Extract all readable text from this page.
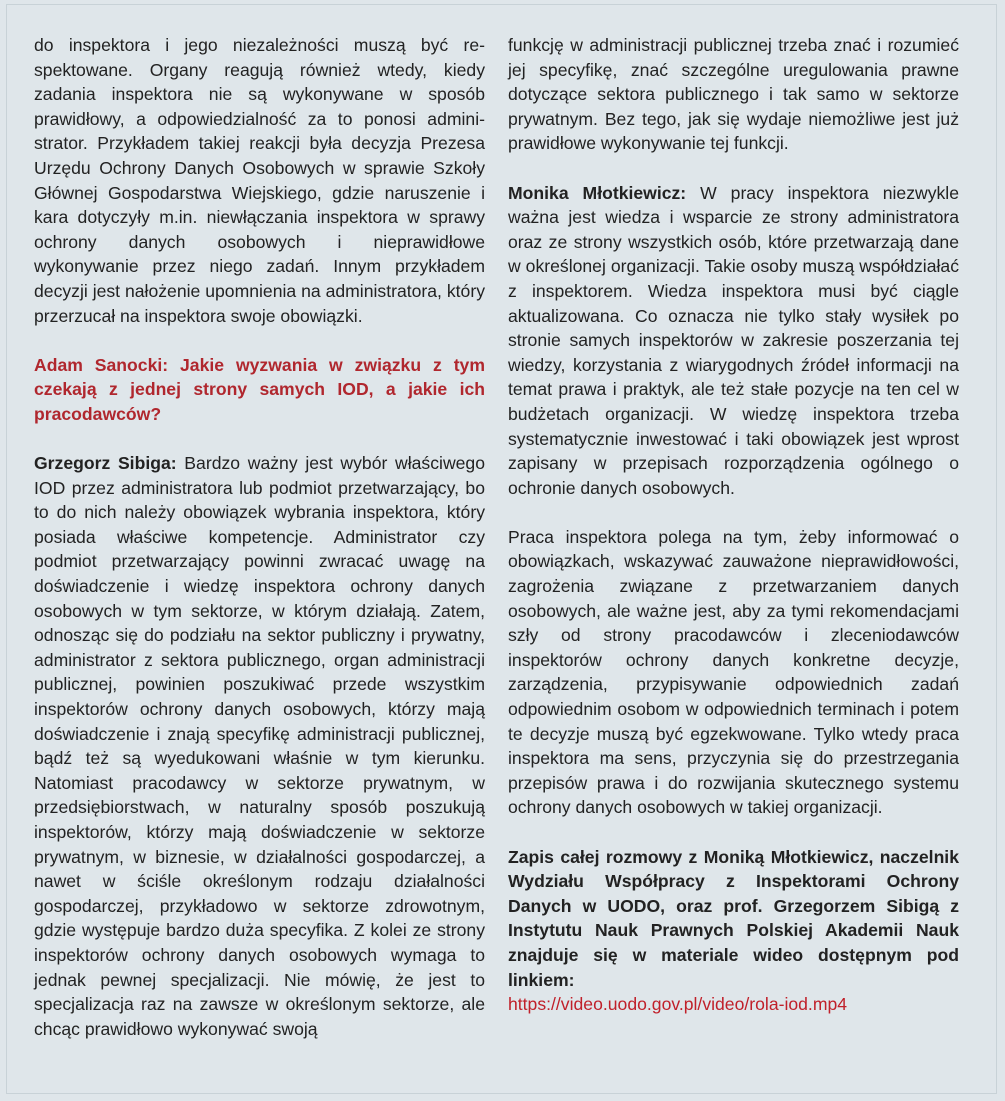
do inspektora i jego niezależności muszą być respektowane. Organy reagują również wtedy, kiedy zadania inspektora nie są wykonywane w sposób prawidłowy, a odpowiedzialność za to ponosi administrator. Przykładem takiej reakcji była decyzja Prezesa Urzędu Ochrony Danych Osobowych w sprawie Szkoły Głównej Gospodarstwa Wiejskiego, gdzie naruszenie i kara dotyczyły m.in. niewłączania inspektora w sprawy ochrony danych osobowych i nieprawidłowe wykonywanie przez niego zadań. Innym przykładem decyzji jest nałożenie upomnienia na administratora, który przerzucał na inspektora swoje obowiązki.

Adam Sanocki: Jakie wyzwania w związku z tym czekają z jednej strony samych IOD, a jakie ich pracodawców?

Grzegorz Sibiga: Bardzo ważny jest wybór właściwego IOD przez administratora lub podmiot przetwarzający, bo to do nich należy obowiązek wybrania inspektora, który posiada właściwe kompetencje. Administrator czy podmiot przetwarzający powinni zwracać uwagę na doświadczenie i wiedzę inspektora ochrony danych osobowych w tym sektorze, w którym działają. Zatem, odnosząc się do podziału na sektor publiczny i prywatny, administrator z sektora publicznego, organ administracji publicznej, powinien poszukiwać przede wszystkim inspektorów ochrony danych osobowych, którzy mają doświadczenie i znają specyfikę administracji publicznej, bądź też są wyedukowani właśnie w tym kierunku. Natomiast pracodawcy w sektorze prywatnym, w przedsiębiorstwach, w naturalny sposób poszukują inspektorów, którzy mają doświadczenie w sektorze prywatnym, w biznesie, w działalności gospodarczej, a nawet w ściśle określonym rodzaju działalności gospodarczej, przykładowo w sektorze zdrowotnym, gdzie występuje bardzo duża specyfika. Z kolei ze strony inspektorów ochrony danych osobowych wymaga to jednak pewnej specjalizacji. Nie mówię, że jest to specjalizacja raz na zawsze w określonym sektorze, ale chcąc prawidłowo wykonywać swoją

funkcję w administracji publicznej trzeba znać i rozumieć jej specyfikę, znać szczególne uregulowania prawne dotyczące sektora publicznego i tak samo w sektorze prywatnym. Bez tego, jak się wydaje niemożliwe jest już prawidłowe wykonywanie tej funkcji.

Monika Młotkiewicz: W pracy inspektora niezwykle ważna jest wiedza i wsparcie ze strony administratora oraz ze strony wszystkich osób, które przetwarzają dane w określonej organizacji. Takie osoby muszą współdziałać z inspektorem. Wiedza inspektora musi być ciągle aktualizowana. Co oznacza nie tylko stały wysiłek po stronie samych inspektorów w zakresie poszerzania tej wiedzy, korzystania z wiarygodnych źródeł informacji na temat prawa i praktyk, ale też stałe pozycje na ten cel w budżetach organizacji. W wiedzę inspektora trzeba systematycznie inwestować i taki obowiązek jest wprost zapisany w przepisach rozporządzenia ogólnego o ochronie danych osobowych.

Praca inspektora polega na tym, żeby informować o obowiązkach, wskazywać zauważone nieprawidłowości, zagrożenia związane z przetwarzaniem danych osobowych, ale ważne jest, aby za tymi rekomendacjami szły od strony pracodawców i zleceniodawców inspektorów ochrony danych konkretne decyzje, zarządzenia, przypisywanie odpowiednich zadań odpowiednim osobom w odpowiednich terminach i potem te decyzje muszą być egzekwowane. Tylko wtedy praca inspektora ma sens, przyczynia się do przestrzegania przepisów prawa i do rozwijania skutecznego systemu ochrony danych osobowych w takiej organizacji.

Zapis całej rozmowy z Moniką Młotkiewicz, naczelnik Wydziału Współpracy z Inspektorami Ochrony Danych w UODO, oraz prof. Grzegorzem Sibigą z Instytutu Nauk Prawnych Polskiej Akademii Nauk znajduje się w materiale wideo dostępnym pod linkiem:
https://video.uodo.gov.pl/video/rola-iod.mp4
